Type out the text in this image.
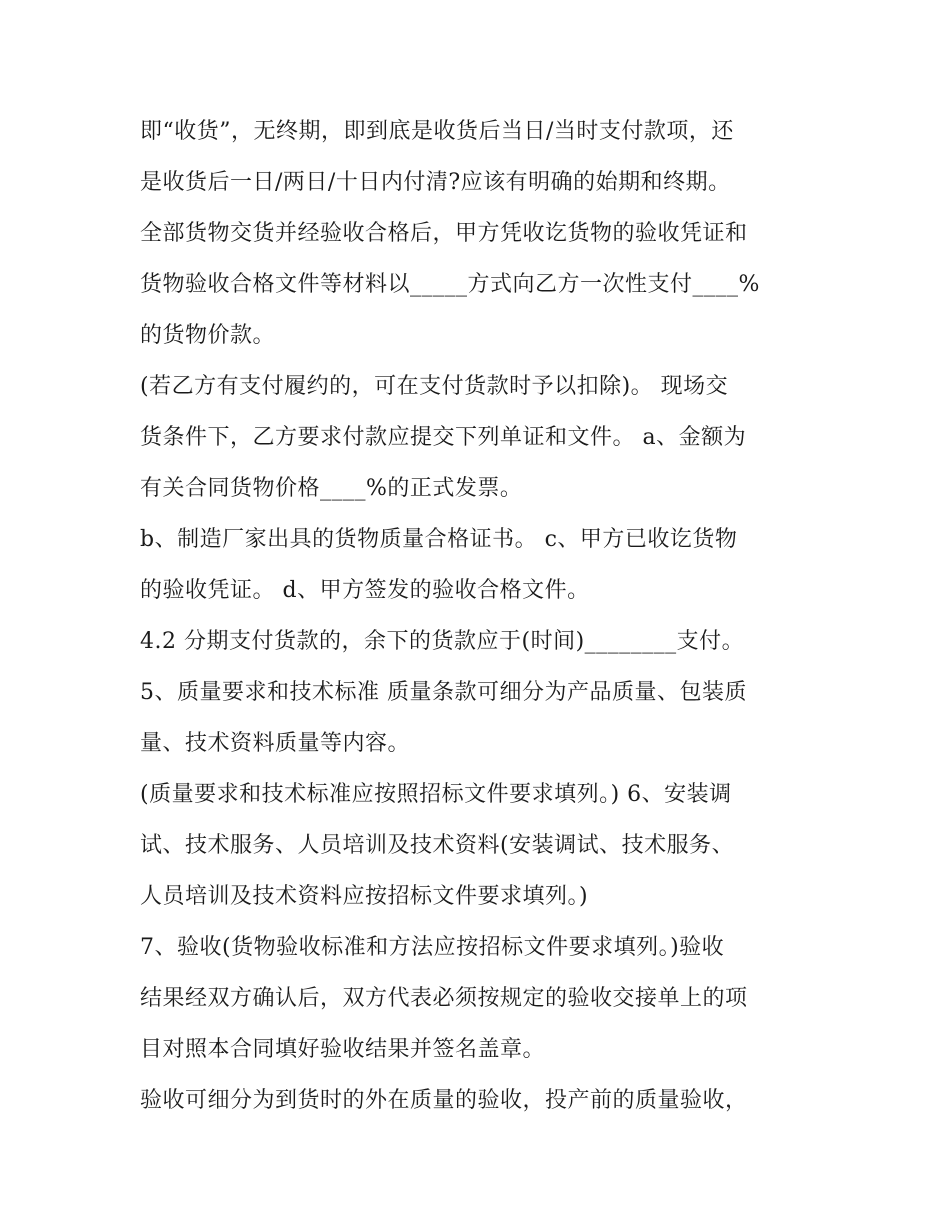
即“收货”，无终期，即到底是收货后当日/当时支付款项，还
是收货后一日/两日/十日内付清?应该有明确的始期和终期。
全部货物交货并经验收合格后，甲方凭收讫货物的验收凭证和
货物验收合格文件等材料以_____方式向乙方一次性支付____%
的货物价款。
(若乙方有支付履约的，可在支付货款时予以扣除)。 现场交
货条件下，乙方要求付款应提交下列单证和文件。 a、金额为
有关合同货物价格____%的正式发票。
b、制造厂家出具的货物质量合格证书。 c、甲方已收讫货物
的验收凭证。 d、甲方签发的验收合格文件。
4.2 分期支付货款的，余下的货款应于(时间)________支付。
5、质量要求和技术标准 质量条款可细分为产品质量、包装质
量、技术资料质量等内容。
(质量要求和技术标准应按照招标文件要求填列。) 6、安装调
试、技术服务、人员培训及技术资料(安装调试、技术服务、
人员培训及技术资料应按招标文件要求填列。)
7、验收(货物验收标准和方法应按招标文件要求填列。)验收
结果经双方确认后，双方代表必须按规定的验收交接单上的项
目对照本合同填好验收结果并签名盖章。
验收可细分为到货时的外在质量的验收，投产前的质量验收，
